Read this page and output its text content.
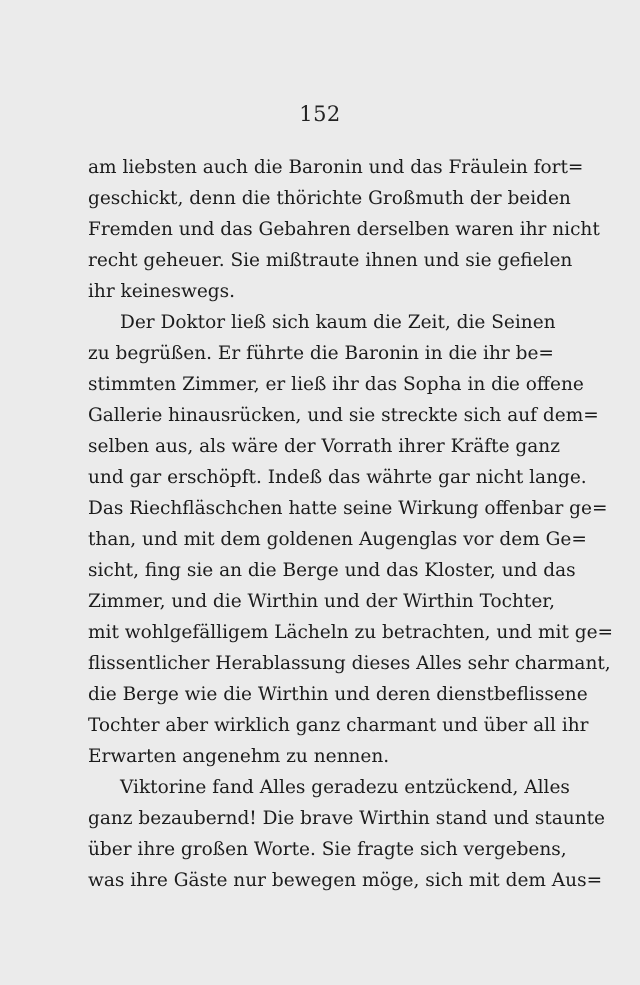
152
am liebsten auch die Baronin und das Fräulein fort=
geschickt, denn die thörichte Großmuth der beiden
Fremden und das Gebahren derselben waren ihr nicht
recht geheuer. Sie mißtraute ihnen und sie gefielen
ihr keineswegs.
Der Doktor ließ sich kaum die Zeit, die Seinen
zu begrüßen. Er führte die Baronin in die ihr be=
stimmten Zimmer, er ließ ihr das Sopha in die offene
Gallerie hinausrücken, und sie streckte sich auf dem=
selben aus, als wäre der Vorrath ihrer Kräfte ganz
und gar erschöpft. Indeß das währte gar nicht lange.
Das Riechfläschchen hatte seine Wirkung offenbar ge=
than, und mit dem goldenen Augenglas vor dem Ge=
sicht, fing sie an die Berge und das Kloster, und das
Zimmer, und die Wirthin und der Wirthin Tochter,
mit wohlgefälligem Lächeln zu betrachten, und mit ge=
flissentlicher Herablassung dieses Alles sehr charmant,
die Berge wie die Wirthin und deren dienstbeflissene
Tochter aber wirklich ganz charmant und über all ihr
Erwarten angenehm zu nennen.
Viktorine fand Alles geradezu entzückend, Alles
ganz bezaubernd! Die brave Wirthin stand und staunte
über ihre großen Worte. Sie fragte sich vergebens,
was ihre Gäste nur bewegen möge, sich mit dem Aus=
